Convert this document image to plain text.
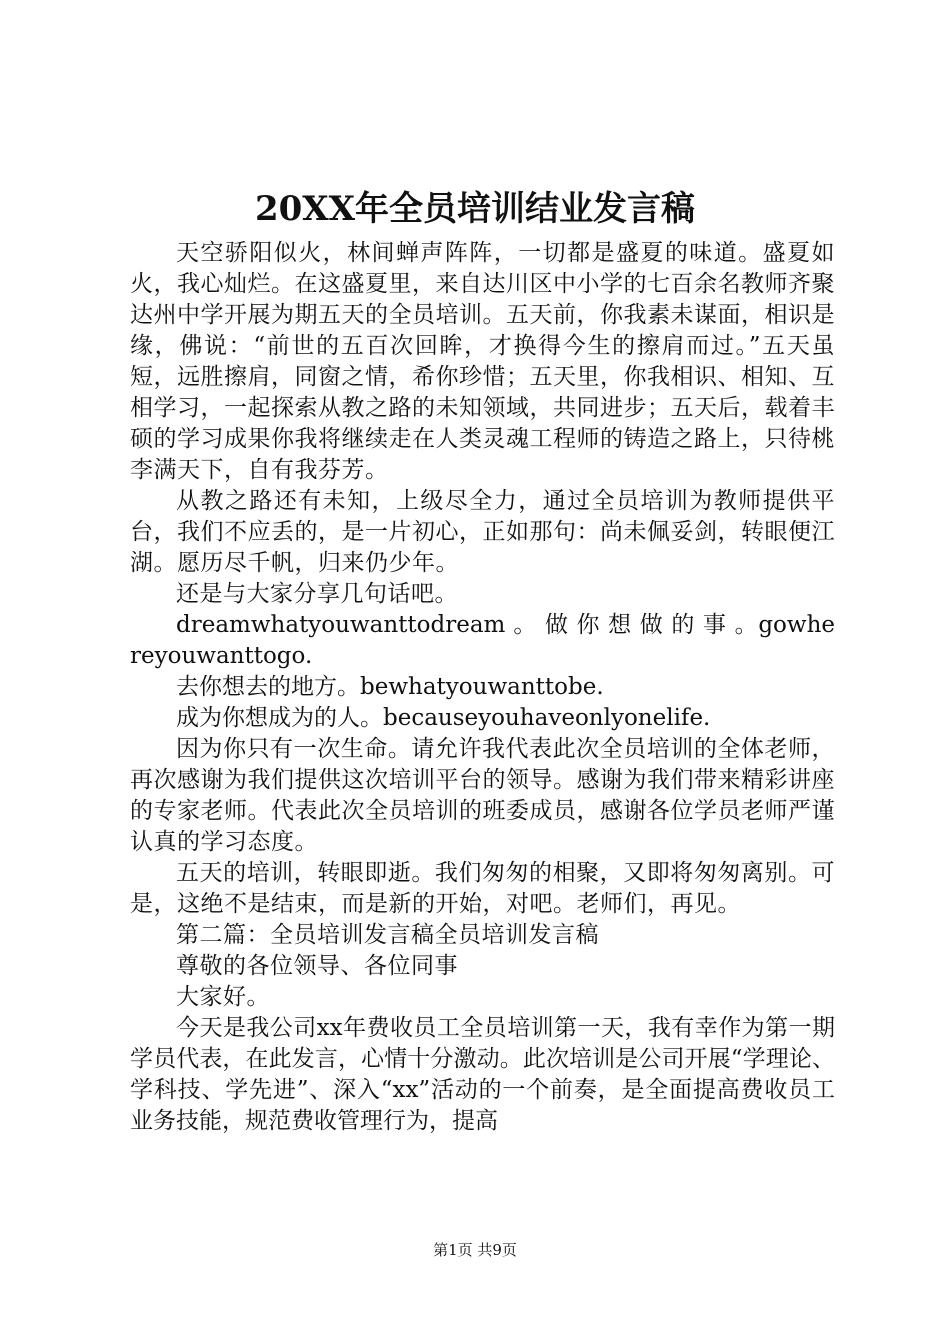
20XX年全员培训结业发言稿

天空骄阳似火，林间蝉声阵阵，一切都是盛夏的味道。盛夏如火，我心灿烂。在这盛夏里，来自达川区中小学的七百余名教师齐聚达州中学开展为期五天的全员培训。五天前，你我素未谋面，相识是缘，佛说：“前世的五百次回眸，才换得今生的擦肩而过。”五天虽短，远胜擦肩，同窗之情，希你珍惜；五天里，你我相识、相知、互相学习，一起探索从教之路的未知领域，共同进步；五天后，载着丰硕的学习成果你我将继续走在人类灵魂工程师的铸造之路上，只待桃李满天下，自有我芬芳。

从教之路还有未知，上级尽全力，通过全员培训为教师提供平台，我们不应丢的，是一片初心，正如那句：尚未佩妥剑，转眼便江湖。愿历尽千帆，归来仍少年。

还是与大家分享几句话吧。

dreamwhatyouwanttodream 。 做 你 想 做 的 事 。gowhereyouwanttogo.

去你想去的地方。bewhatyouwanttobe.

成为你想成为的人。becauseyouhaveonlyonelife.

因为你只有一次生命。请允许我代表此次全员培训的全体老师，再次感谢为我们提供这次培训平台的领导。感谢为我们带来精彩讲座的专家老师。代表此次全员培训的班委成员，感谢各位学员老师严谨认真的学习态度。

五天的培训，转眼即逝。我们匆匆的相聚，又即将匆匆离别。可是，这绝不是结束，而是新的开始，对吧。老师们，再见。

第二篇：全员培训发言稿全员培训发言稿

尊敬的各位领导、各位同事

大家好。

今天是我公司xx年费收员工全员培训第一天，我有幸作为第一期学员代表，在此发言，心情十分激动。此次培训是公司开展“学理论、学科技、学先进”、深入“xx”活动的一个前奏，是全面提高费收员工业务技能，规范费收管理行为，提高

第1页 共9页
